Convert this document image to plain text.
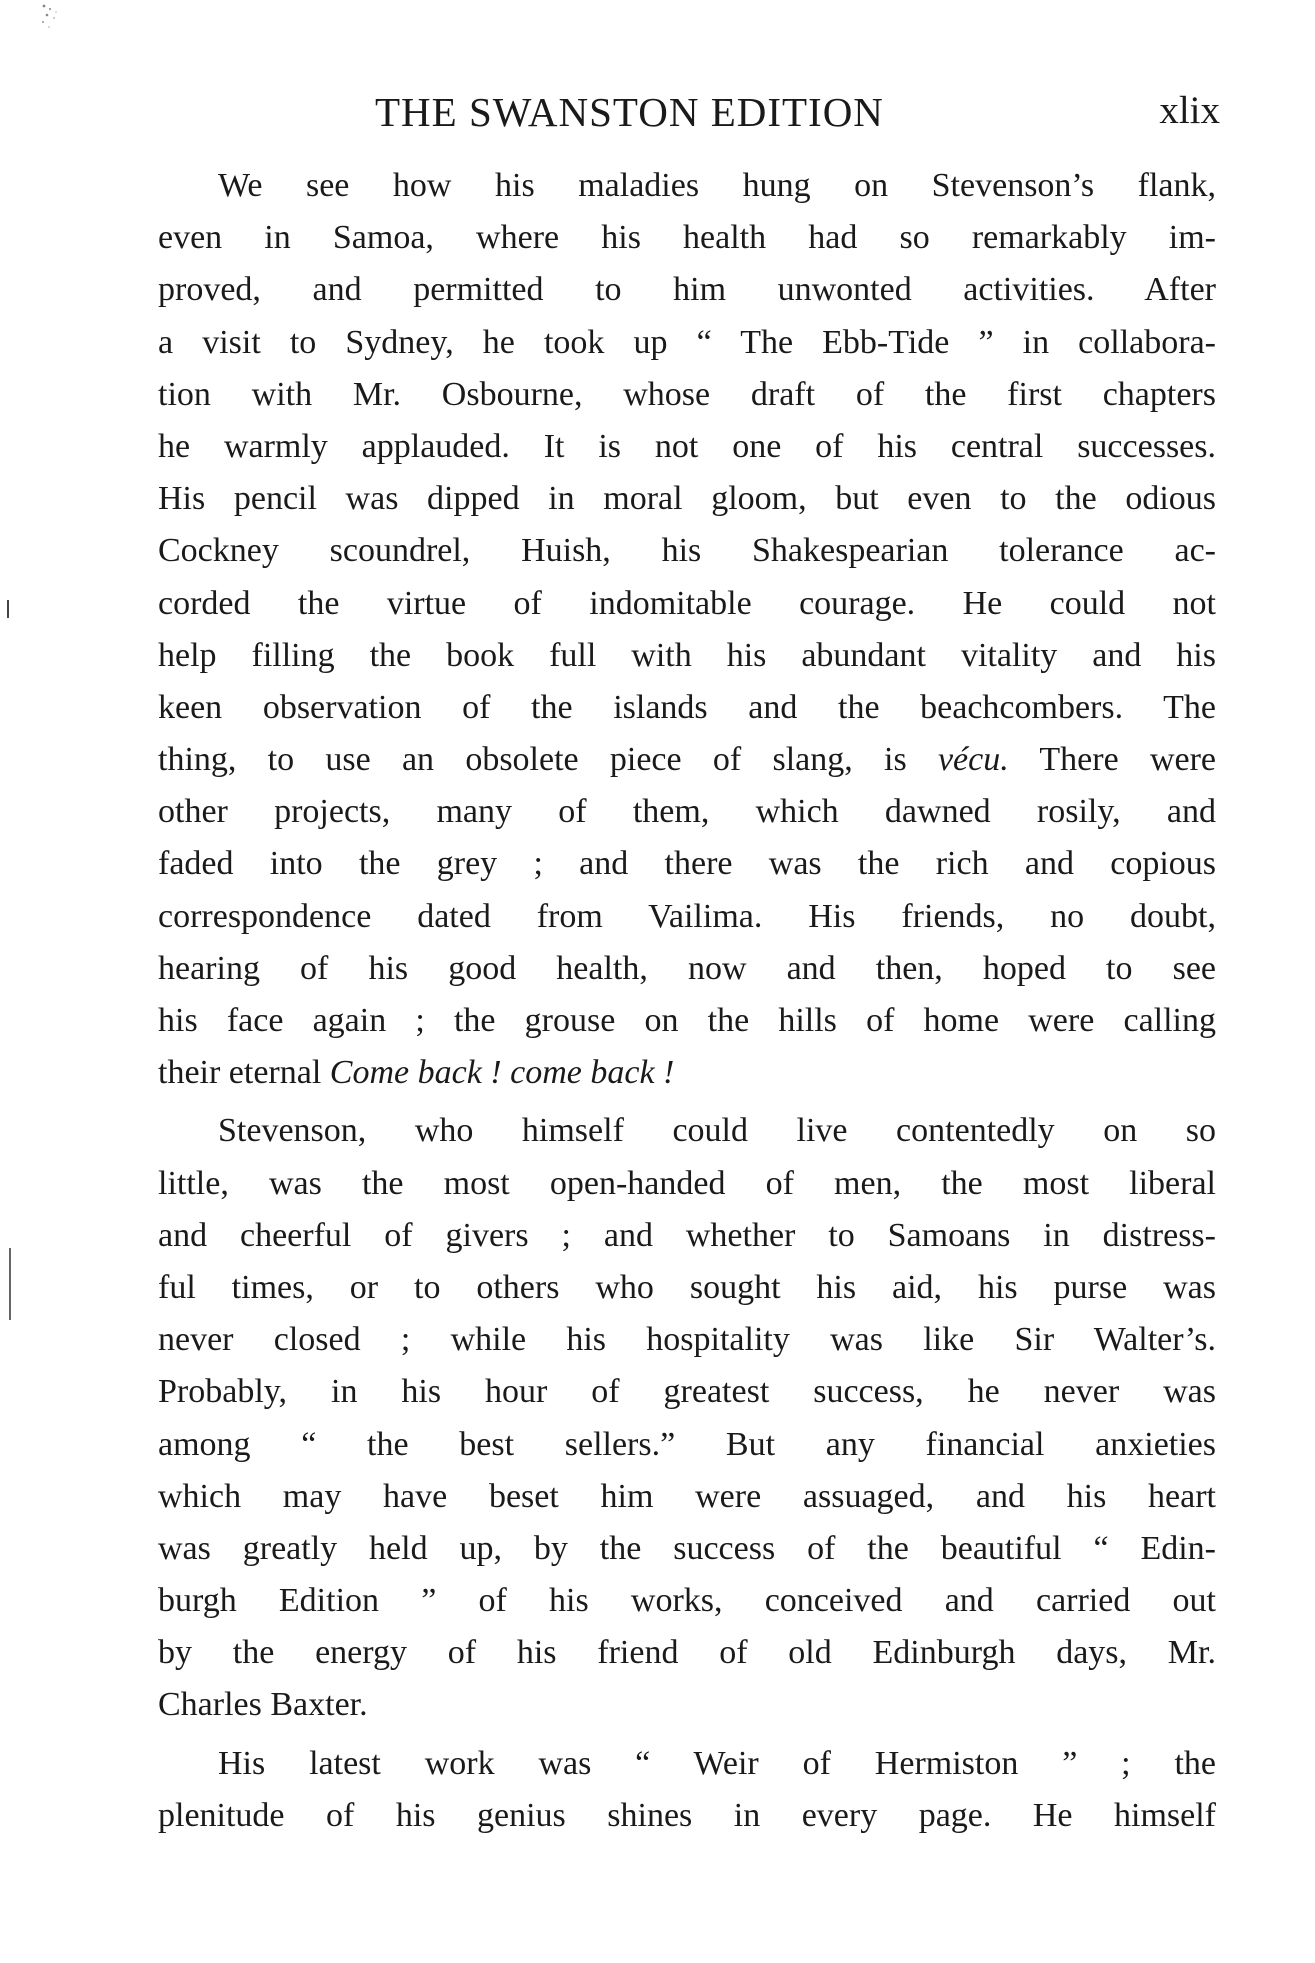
THE SWANSTON EDITION	xlix
We see how his maladies hung on Stevenson’s flank,
even in Samoa, where his health had so remarkably im-
proved, and permitted to him unwonted activities. After
a visit to Sydney, he took up “ The Ebb-Tide ” in collabora-
tion with Mr. Osbourne, whose draft of the first chapters
he warmly applauded. It is not one of his central successes.
His pencil was dipped in moral gloom, but even to the odious
Cockney scoundrel, Huish, his Shakespearian tolerance ac-
corded the virtue of indomitable courage. He could not
help filling the book full with his abundant vitality and his
keen observation of the islands and the beachcombers. The
thing, to use an obsolete piece of slang, is vécu. There were
other projects, many of them, which dawned rosily, and
faded into the grey ; and there was the rich and copious
correspondence dated from Vailima. His friends, no doubt,
hearing of his good health, now and then, hoped to see
his face again ; the grouse on the hills of home were calling
their eternal Come back ! come back !
Stevenson, who himself could live contentedly on so
little, was the most open-handed of men, the most liberal
and cheerful of givers ; and whether to Samoans in distress-
ful times, or to others who sought his aid, his purse was
never closed ; while his hospitality was like Sir Walter’s.
Probably, in his hour of greatest success, he never was
among “ the best sellers.” But any financial anxieties
which may have beset him were assuaged, and his heart
was greatly held up, by the success of the beautiful “ Edin-
burgh Edition ” of his works, conceived and carried out
by the energy of his friend of old Edinburgh days, Mr.
Charles Baxter.
His latest work was “ Weir of Hermiston ” ; the
plenitude of his genius shines in every page. He himself
